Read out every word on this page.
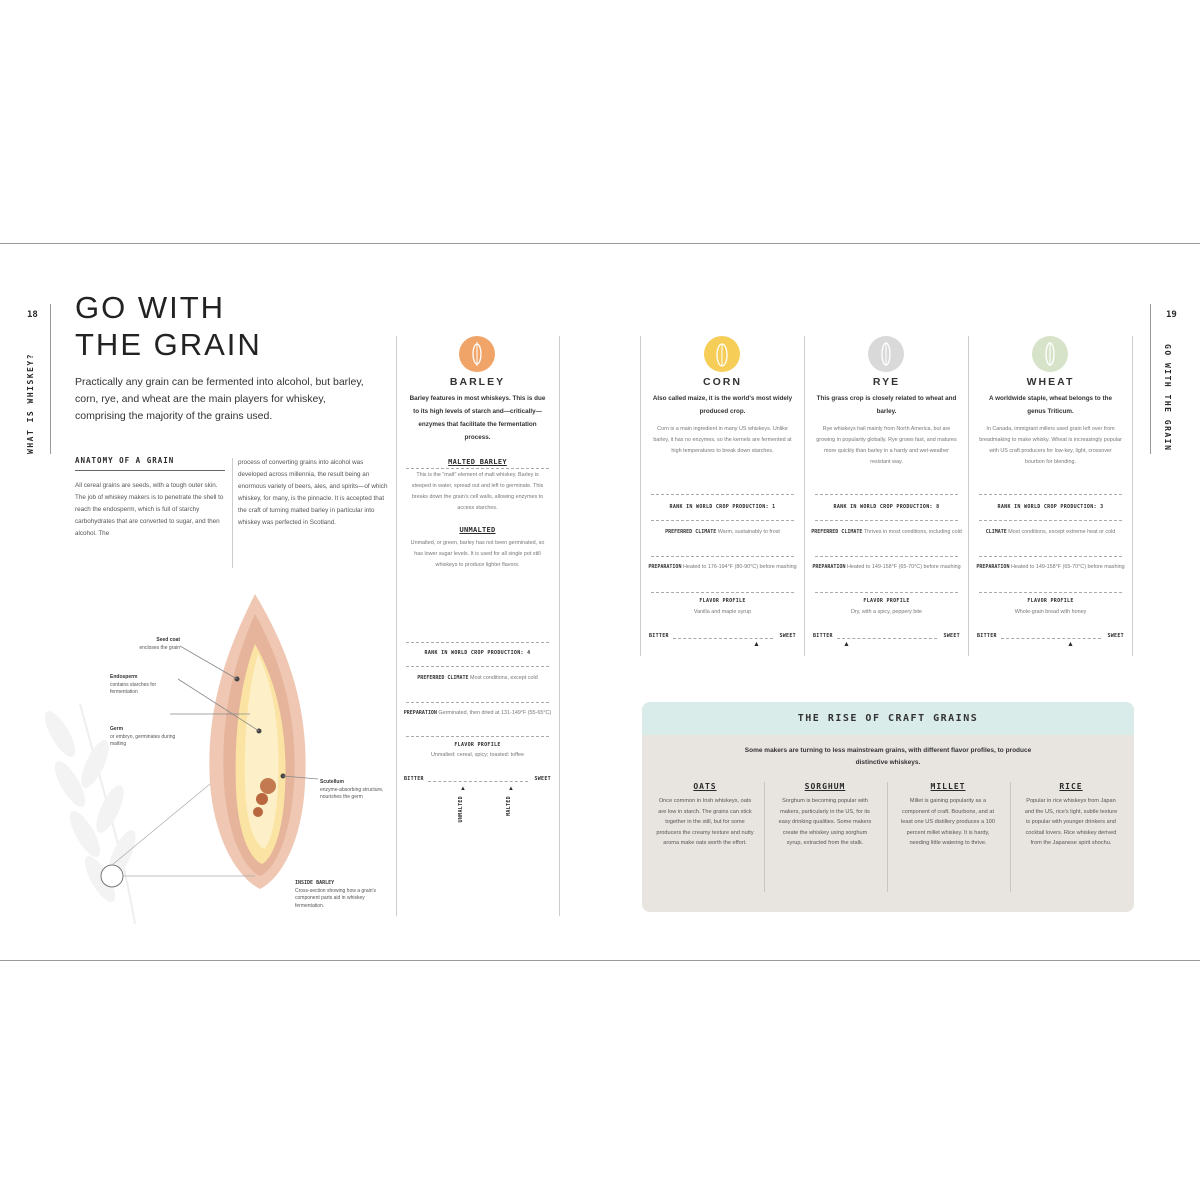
18
WHAT IS WHISKEY?
19
GO WITH THE GRAIN
GO WITH
THE GRAIN
Practically any grain can be fermented into alcohol, but barley, corn, rye, and wheat are the main players for whiskey, comprising the majority of the grains used.
ANATOMY OF A GRAIN
All cereal grains are seeds, with a tough outer skin. The job of whiskey makers is to penetrate the shell to reach the endosperm, which is full of starchy carbohydrates that are converted to sugar, and then alcohol. The
process of converting grains into alcohol was developed across millennia, the result being an enormous variety of beers, ales, and spirits—of which whiskey, for many, is the pinnacle. It is accepted that the craft of turning malted barley in particular into whiskey was perfected in Scotland.
Seed coat
encloses the grain
Endosperm
contains starches for fermentation
Germ
or embryo, germinates during malting
Scutellum
enzyme-absorbing structure, nourishes the germ
INSIDE BARLEY
Cross-section showing how a grain's component parts aid in whiskey fermentation.
BARLEY
Barley features in most whiskeys. This is due to its high levels of starch and—critically—enzymes that facilitate the fermentation process.
MALTED BARLEY
This is the "malt" element of malt whiskey. Barley is steeped in water, spread out and left to germinate. This breaks down the grain's cell walls, allowing enzymes to access starches.
UNMALTED
Unmalted, or green, barley has not been germinated, so has lower sugar levels. It is used for all single pot still whiskeys to produce lighter flavors.
RANK IN WORLD CROP PRODUCTION: 4
PREFERRED CLIMATE Most conditions, except cold
PREPARATION Germinated, then dried at 131-149°F (55-65°C)
FLAVOR PROFILE
Unmalted: cereal, spicy; toasted: toffee
BITTER	SWEET
▲
UNMALTED
▲
MALTED
CORN
Also called maize, it is the world's most widely produced crop.
Corn is a main ingredient in many US whiskeys. Unlike barley, it has no enzymes, so the kernels are fermented at high temperatures to break down starches.
RYE
This grass crop is closely related to wheat and barley.
Rye whiskeys hail mainly from North America, but are growing in popularity globally. Rye grows fast, and matures more quickly than barley in a hardy and wet-weather resistant way.
WHEAT
A worldwide staple, wheat belongs to the genus Triticum.
In Canada, immigrant millers used grain left over from breadmaking to make whisky. Wheat is increasingly popular with US craft producers for low-key, light, crossover bourbon for blending.
RANK IN WORLD CROP PRODUCTION: 1
PREFERRED CLIMATE Warm, sustainably to frost
PREPARATION Heated to 176-194°F (80-90°C) before mashing
FLAVOR PROFILE
Vanilla and maple syrup
BITTER	SWEET
▲
RANK IN WORLD CROP PRODUCTION: 8
PREFERRED CLIMATE Thrives in most conditions, including cold
PREPARATION Heated to 149-158°F (65-70°C) before mashing
FLAVOR PROFILE
Dry, with a spicy, peppery bite
BITTER	SWEET
▲
RANK IN WORLD CROP PRODUCTION: 3
CLIMATE Most conditions, except extreme heat or cold
PREPARATION Heated to 149-158°F (65-70°C) before mashing
FLAVOR PROFILE
Whole-grain bread with honey
BITTER	SWEET
▲
THE RISE OF CRAFT GRAINS
Some makers are turning to less mainstream grains, with different flavor profiles, to produce distinctive whiskeys.
OATS
Once common in Irish whiskeys, oats are low in starch. The grains can stick together in the still, but for some producers the creamy texture and nutty aroma make oats worth the effort.
SORGHUM
Sorghum is becoming popular with makers, particularly in the US, for its easy drinking qualities. Some makers create the whiskey using sorghum syrup, extracted from the stalk.
MILLET
Millet is gaining popularity as a component of craft. Bourbons, and at least one US distillery produces a 100 percent millet whiskey. It is hardy, needing little watering to thrive.
RICE
Popular in rice whiskeys from Japan and the US, rice's light, subtle texture is popular with younger drinkers and cocktail lovers. Rice whiskey derived from the Japanese spirit shochu.
